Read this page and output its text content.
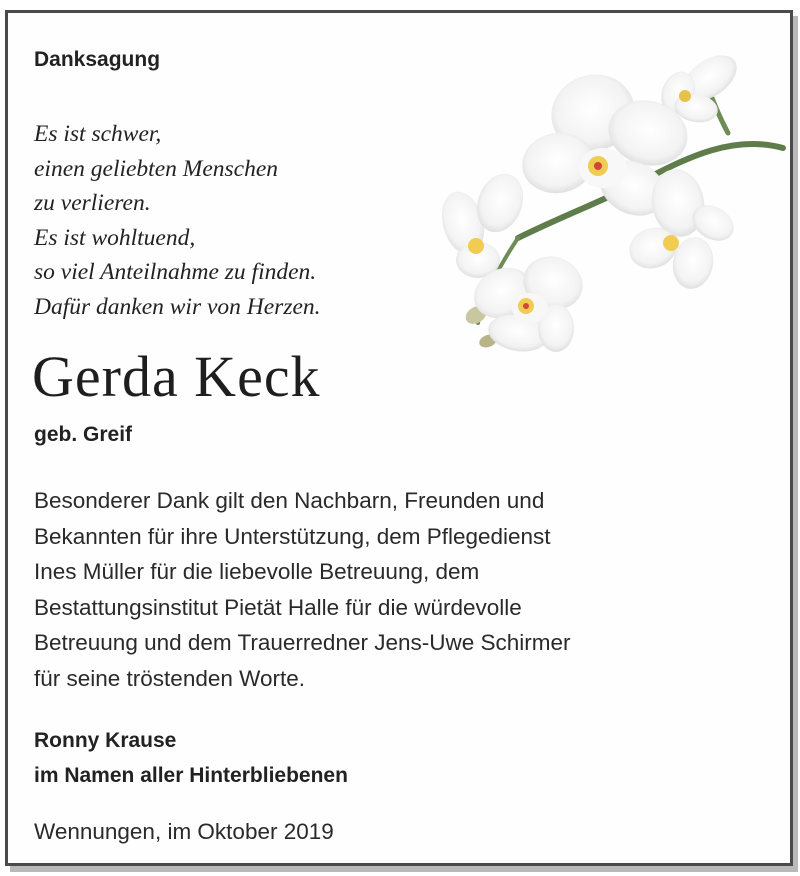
Danksagung
Es ist schwer,
einen geliebten Menschen
zu verlieren.
Es ist wohltuend,
so viel Anteilnahme zu finden.
Dafür danken wir von Herzen.
Gerda Keck
geb. Greif
Besonderer Dank gilt den Nachbarn, Freunden und
Bekannten für ihre Unterstützung, dem Pflegedienst
Ines Müller für die liebevolle Betreuung, dem
Bestattungsinstitut Pietät Halle für die würdevolle
Betreuung und dem Trauerredner Jens-Uwe Schirmer
für seine tröstenden Worte.
Ronny Krause
im Namen aller Hinterbliebenen
Wennungen, im Oktober 2019
